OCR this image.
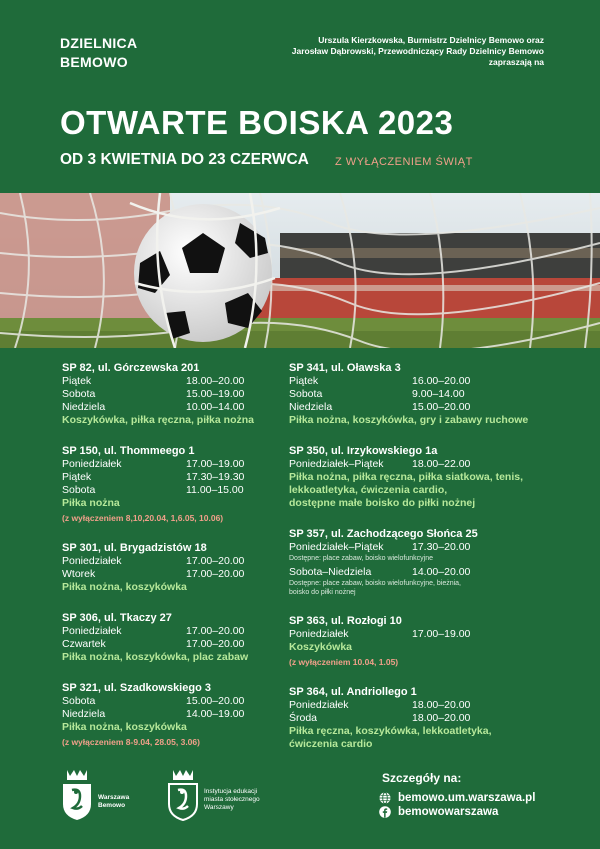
DZIELNICA
BEMOWO
Urszula Kierzkowska, Burmistrz Dzielnicy Bemowo oraz
Jarosław Dąbrowski, Przewodniczący Rady Dzielnicy Bemowo
zapraszają na
OTWARTE BOISKA 2023
OD 3 KWIETNIA DO 23 CZERWCA Z WYŁĄCZENIEM ŚWIĄT
SP 82, ul. Górczewska 201
Piątek	18.00–20.00
Sobota	15.00–19.00
Niedziela	10.00–14.00
Koszykówka, piłka ręczna, piłka nożna
SP 150, ul. Thommeego 1
Poniedziałek	17.00–19.00
Piątek	17.30–19.30
Sobota	11.00–15.00
Piłka nożna
(z wyłączeniem 8,10,20.04, 1,6.05, 10.06)
SP 301, ul. Brygadzistów 18
Poniedziałek	17.00–20.00
Wtorek	17.00–20.00
Piłka nożna, koszykówka
SP 306, ul. Tkaczy 27
Poniedziałek	17.00–20.00
Czwartek	17.00–20.00
Piłka nożna, koszykówka, plac zabaw
SP 321, ul. Szadkowskiego 3
Sobota	15.00–20.00
Niedziela	14.00–19.00
Piłka nożna, koszykówka
(z wyłączeniem 8-9.04, 28.05, 3.06)
SP 341, ul. Oławska 3
Piątek	16.00–20.00
Sobota	9.00–14.00
Niedziela	15.00–20.00
Piłka nożna, koszykówka, gry i zabawy ruchowe
SP 350, ul. Irzykowskiego 1a
Poniedziałek–Piątek	18.00–22.00
Piłka nożna, piłka ręczna, piłka siatkowa, tenis,
lekkoatletyka, ćwiczenia cardio,
dostępne małe boisko do piłki nożnej
SP 357, ul. Zachodzącego Słońca 25
Poniedziałek–Piątek	17.30–20.00
Dostępne: place zabaw, boisko wielofunkcyjne
Sobota–Niedziela	14.00–20.00
Dostępne: place zabaw, boisko wielofunkcyjne, bieżnia,
boisko do piłki nożnej
SP 363, ul. Rozłogi 10
Poniedziałek	17.00–19.00
Koszykówka
(z wyłączeniem 10.04, 1.05)
SP 364, ul. Andriollego 1
Poniedziałek	18.00–20.00
Środa	18.00–20.00
Piłka ręczna, koszykówka, lekkoatletyka,
ćwiczenia cardio
Warszawa
Bemowo
Instytucja edukacji
miasta stołecznego
Warszawy
Szczegóły na:
bemowo.um.warszawa.pl
bemowowarszawa
